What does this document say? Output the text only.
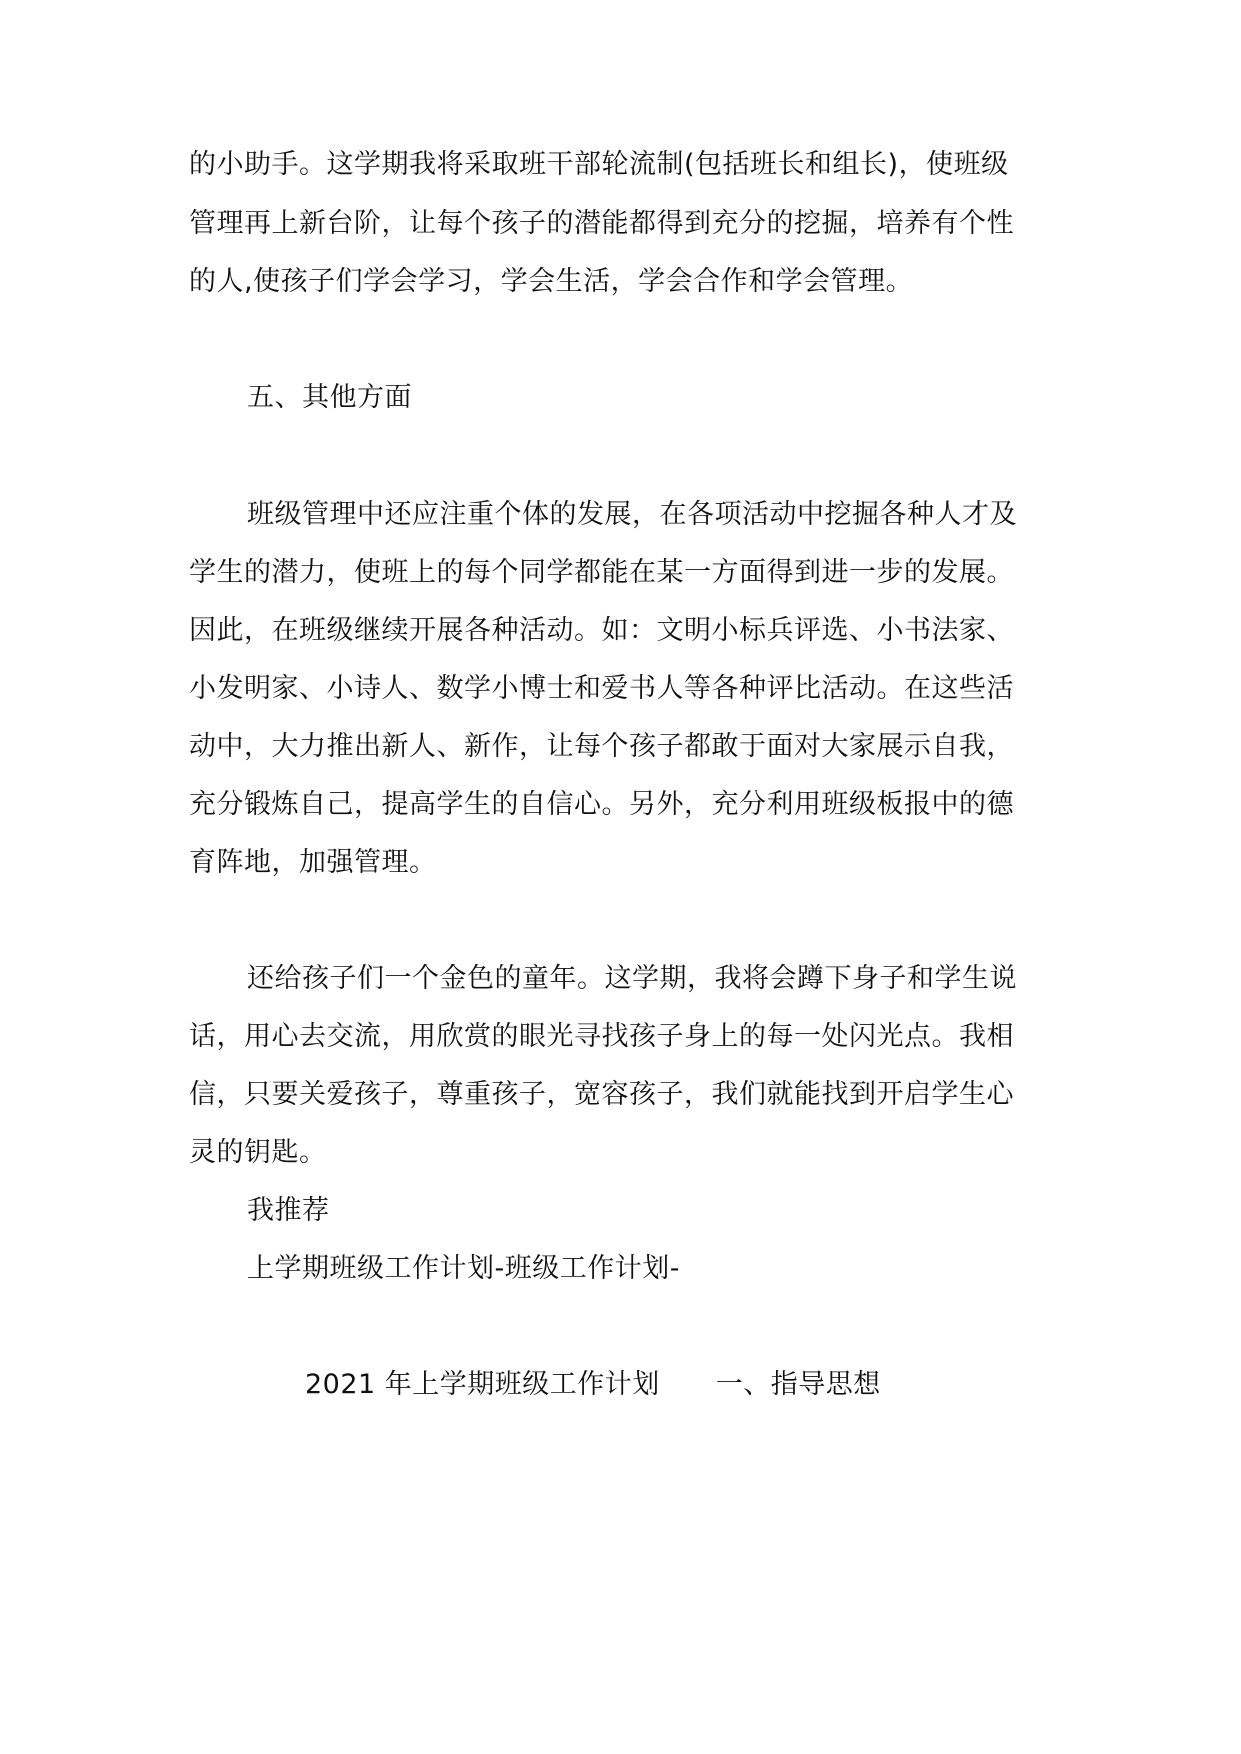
的小助手。这学期我将采取班干部轮流制(包括班长和组长)，使班级
管理再上新台阶，让每个孩子的潜能都得到充分的挖掘，培养有个性
的人,使孩子们学会学习，学会生活，学会合作和学会管理。
五、其他方面
班级管理中还应注重个体的发展，在各项活动中挖掘各种人才及
学生的潜力，使班上的每个同学都能在某一方面得到进一步的发展。
因此，在班级继续开展各种活动。如：文明小标兵评选、小书法家、
小发明家、小诗人、数学小博士和爱书人等各种评比活动。在这些活
动中，大力推出新人、新作，让每个孩子都敢于面对大家展示自我，
充分锻炼自己，提高学生的自信心。另外，充分利用班级板报中的德
育阵地，加强管理。
还给孩子们一个金色的童年。这学期，我将会蹲下身子和学生说
话，用心去交流，用欣赏的眼光寻找孩子身上的每一处闪光点。我相
信，只要关爱孩子，尊重孩子，宽容孩子，我们就能找到开启学生心
灵的钥匙。
我推荐
上学期班级工作计划-班级工作计划-
2021 年上学期班级工作计划 一、指导思想
